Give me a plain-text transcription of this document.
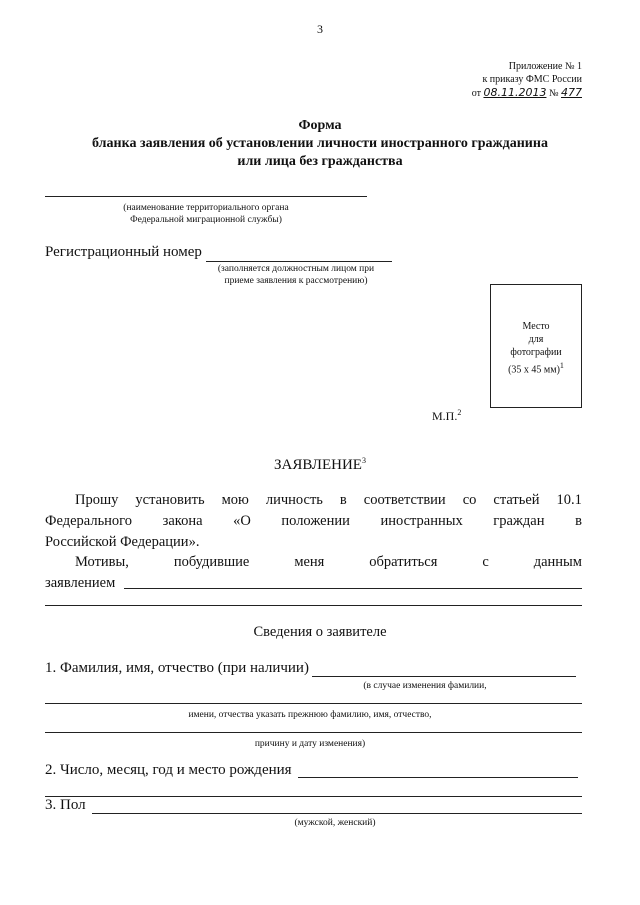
3
Приложение № 1
к приказу ФМС России
от 08.11.2013 № 477
Форма
бланка заявления об установлении личности иностранного гражданина
или лица без гражданства
(наименование территориального органа
Федеральной миграционной службы)
Регистрационный номер
(заполняется должностным лицом при
приеме заявления к рассмотрению)
Место
для
фотографии
(35 х 45 мм)$^1$
М.П.$^2$
ЗАЯВЛЕНИЕ$^3$
Прошу установить мою личность в соответствии со статьей 10.1
Федерального закона «О положении иностранных граждан в
Российской Федерации».
Мотивы,	побудившие	меня	обратиться	с	данным
заявлением
Сведения о заявителе
1. Фамилия, имя, отчество (при наличии)
(в случае изменения фамилии,
имени, отчества указать прежнюю фамилию, имя, отчество,
причину и дату изменения)
2. Число, месяц, год и место рождения
3. Пол
(мужской, женский)
